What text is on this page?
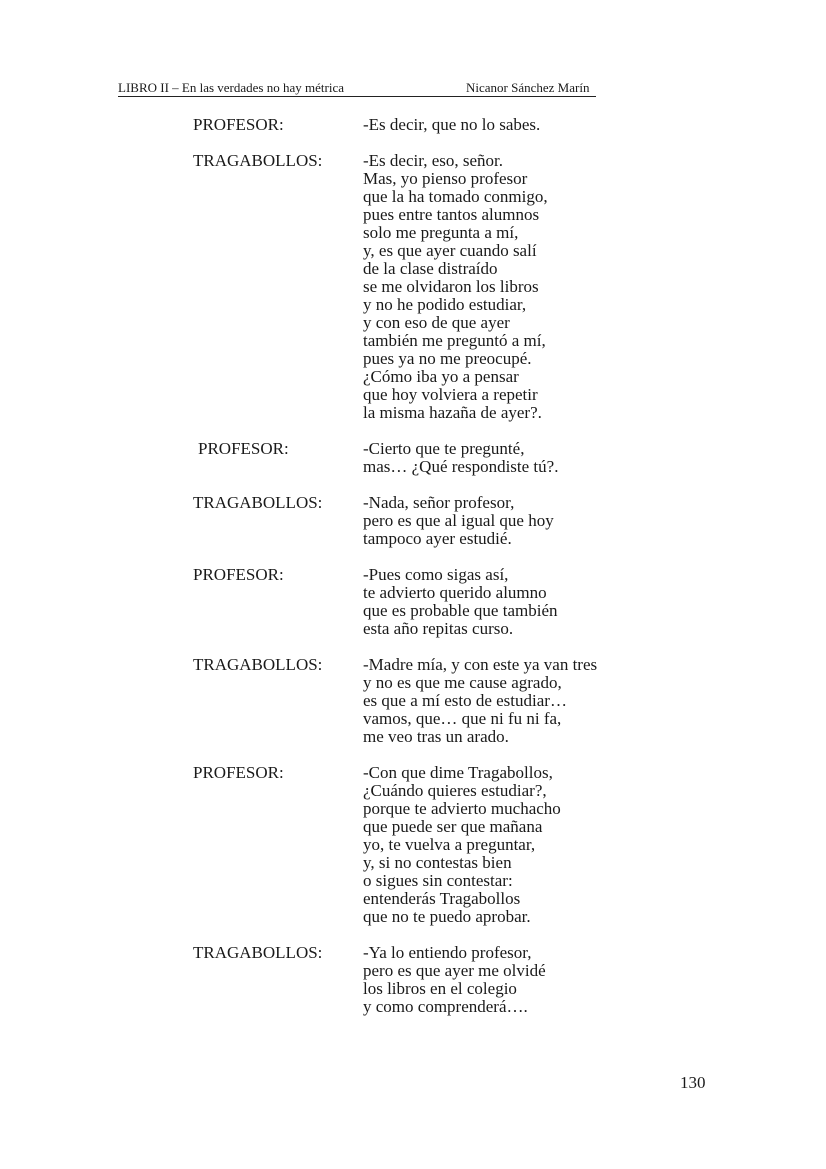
LIBRO II – En las verdades no hay métrica	Nicanor Sánchez Marín
PROFESOR:	-Es decir, que no lo sabes.
TRAGABOLLOS:	-Es decir, eso, señor.
Mas, yo pienso profesor
que la ha tomado conmigo,
pues entre tantos alumnos
solo me pregunta a mí,
y, es que ayer cuando salí
de la clase distraído
se me olvidaron los libros
y no he podido estudiar,
y con eso de que ayer
también me preguntó a mí,
pues ya no me preocupé.
¿Cómo iba yo a pensar
que hoy volviera a repetir
la misma hazaña de ayer?.
PROFESOR:	-Cierto que te pregunté,
mas… ¿Qué respondiste tú?.
TRAGABOLLOS:	-Nada, señor profesor,
pero es que al igual que hoy
tampoco ayer estudié.
PROFESOR:	-Pues como sigas así,
te advierto querido alumno
que es probable que también
esta año repitas curso.
TRAGABOLLOS:	-Madre mía, y con este ya van tres
y no es que me cause agrado,
es que a mí esto de estudiar…
vamos, que… que ni fu ni fa,
me veo tras un arado.
PROFESOR:	-Con que dime Tragabollos,
¿Cuándo quieres estudiar?,
porque te advierto muchacho
que puede ser que mañana
yo, te vuelva a preguntar,
y, si no contestas bien
o sigues sin contestar:
entenderás Tragabollos
que no te puedo aprobar.
TRAGABOLLOS:	-Ya lo entiendo profesor,
pero es que ayer me olvidé
los libros en el colegio
y como comprenderá….
130
